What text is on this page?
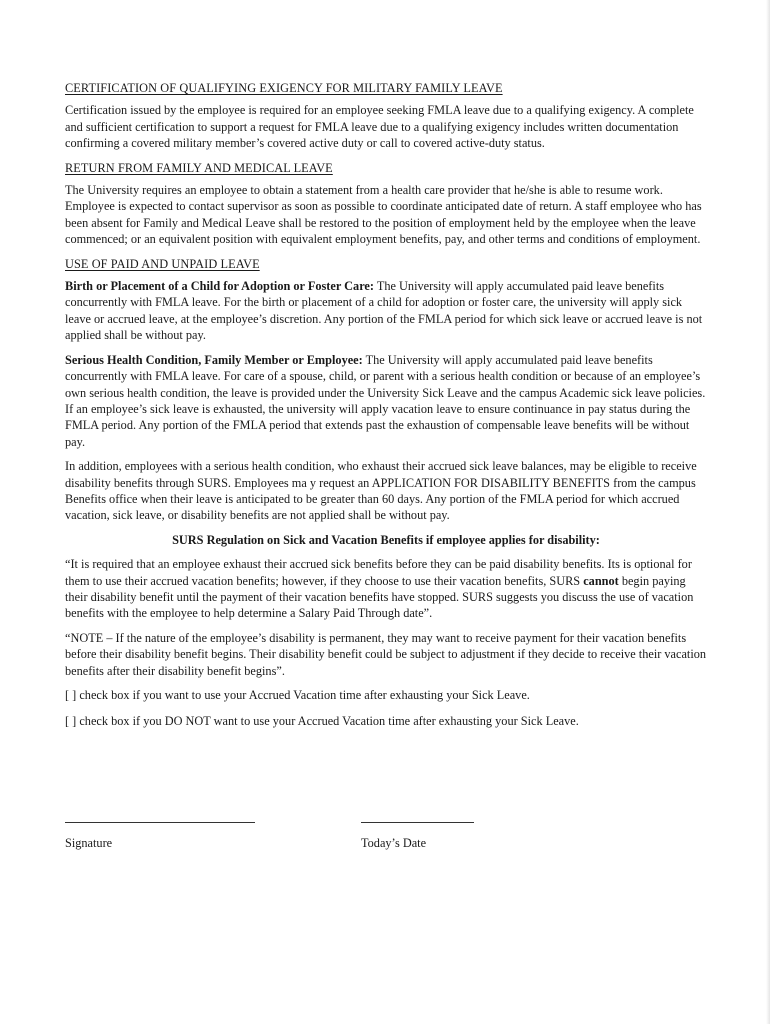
CERTIFICATION OF QUALIFYING EXIGENCY FOR MILITARY FAMILY LEAVE

Certification issued by the employee is required for an employee seeking FMLA leave due to a qualifying exigency. A complete and sufficient certification to support a request for FMLA leave due to a qualifying exigency includes written documentation confirming a covered military member’s covered active duty or call to covered active-duty status.

RETURN FROM FAMILY AND MEDICAL LEAVE

The University requires an employee to obtain a statement from a health care provider that he/she is able to resume work. Employee is expected to contact supervisor as soon as possible to coordinate anticipated date of return. A staff employee who has been absent for Family and Medical Leave shall be restored to the position of employment held by the employee when the leave commenced; or an equivalent position with equivalent employment benefits, pay, and other terms and conditions of employment.

USE OF PAID AND UNPAID LEAVE

Birth or Placement of a Child for Adoption or Foster Care: The University will apply accumulated paid leave benefits concurrently with FMLA leave. For the birth or placement of a child for adoption or foster care, the university will apply sick leave or accrued leave, at the employee’s discretion. Any portion of the FMLA period for which sick leave or accrued leave is not applied shall be without pay.

Serious Health Condition, Family Member or Employee: The University will apply accumulated paid leave benefits concurrently with FMLA leave. For care of a spouse, child, or parent with a serious health condition or because of an employee’s own serious health condition, the leave is provided under the University Sick Leave and the campus Academic sick leave policies. If an employee’s sick leave is exhausted, the university will apply vacation leave to ensure continuance in pay status during the FMLA period. Any portion of the FMLA period that extends past the exhaustion of compensable leave benefits will be without pay.

In addition, employees with a serious health condition, who exhaust their accrued sick leave balances, may be eligible to receive disability benefits through SURS. Employees ma y request an APPLICATION FOR DISABILITY BENEFITS from the campus Benefits office when their leave is anticipated to be greater than 60 days. Any portion of the FMLA period for which accrued vacation, sick leave, or disability benefits are not applied shall be without pay.

SURS Regulation on Sick and Vacation Benefits if employee applies for disability:

“It is required that an employee exhaust their accrued sick benefits before they can be paid disability benefits. Its is optional for them to use their accrued vacation benefits; however, if they choose to use their vacation benefits, SURS cannot begin paying their disability benefit until the payment of their vacation benefits have stopped. SURS suggests you discuss the use of vacation benefits with the employee to help determine a Salary Paid Through date”.

“NOTE – If the nature of the employee’s disability is permanent, they may want to receive payment for their vacation benefits before their disability benefit begins. Their disability benefit could be subject to adjustment if they decide to receive their vacation benefits after their disability benefit begins”.

[ ] check box if you want to use your Accrued Vacation time after exhausting your Sick Leave.
[ ] check box if you DO NOT want to use your Accrued Vacation time after exhausting your Sick Leave.
Signature	Today’s Date
